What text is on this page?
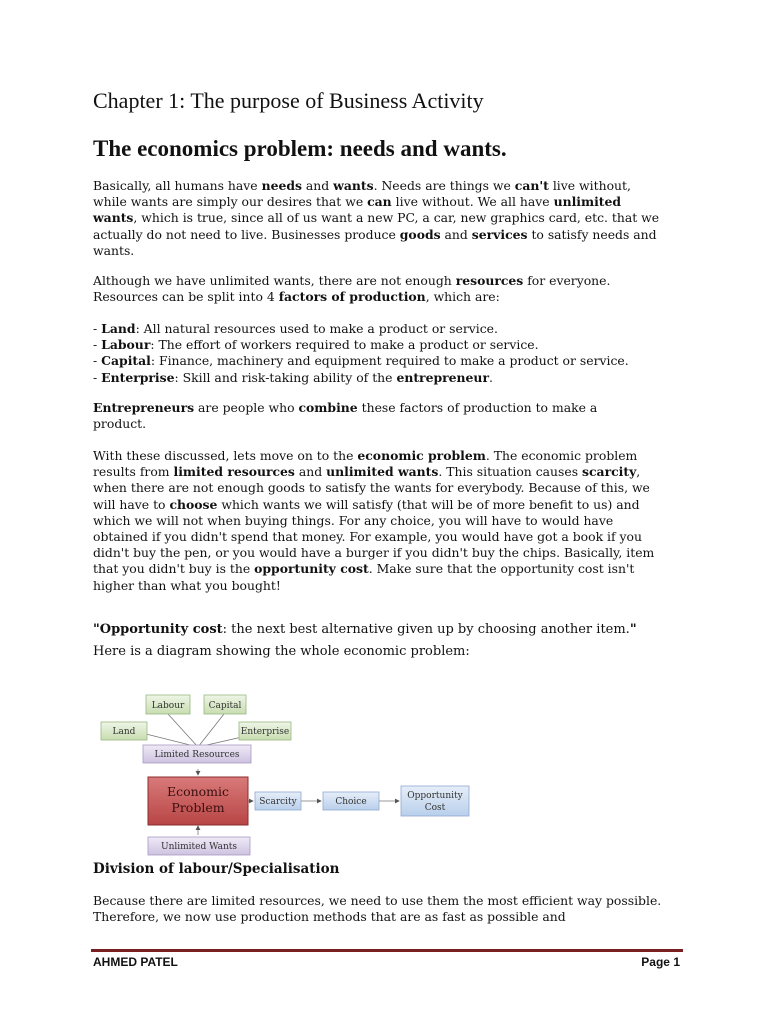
Chapter 1: The purpose of Business Activity
The economics problem: needs and wants.
Basically, all humans have needs and wants. Needs are things we can't live without,
while wants are simply our desires that we can live without. We all have unlimited
wants, which is true, since all of us want a new PC, a car, new graphics card, etc. that we
actually do not need to live. Businesses produce goods and services to satisfy needs and
wants.
Although we have unlimited wants, there are not enough resources for everyone.
Resources can be split into 4 factors of production, which are:
- Land: All natural resources used to make a product or service.
- Labour: The effort of workers required to make a product or service.
- Capital: Finance, machinery and equipment required to make a product or service.
- Enterprise: Skill and risk-taking ability of the entrepreneur.
Entrepreneurs are people who combine these factors of production to make a
product.
With these discussed, lets move on to the economic problem. The economic problem
results from limited resources and unlimited wants. This situation causes scarcity,
when there are not enough goods to satisfy the wants for everybody. Because of this, we
will have to choose which wants we will satisfy (that will be of more benefit to us) and
which we will not when buying things. For any choice, you will have to would have
obtained if you didn't spend that money. For example, you would have got a book if you
didn't buy the pen, or you would have a burger if you didn't buy the chips. Basically, item
that you didn't buy is the opportunity cost. Make sure that the opportunity cost isn't
higher than what you bought!
"Opportunity cost: the next best alternative given up by choosing another item."
Here is a diagram showing the whole economic problem:
Labour	Capital
Land	Enterprise
Limited Resources
Economic
Problem	Scarcity	Choice
Opportunity
Cost
Unlimited Wants
Division of labour/Specialisation
Because there are limited resources, we need to use them the most efficient way possible.
Therefore, we now use production methods that are as fast as possible and
AHMED PATEL	Page 1
